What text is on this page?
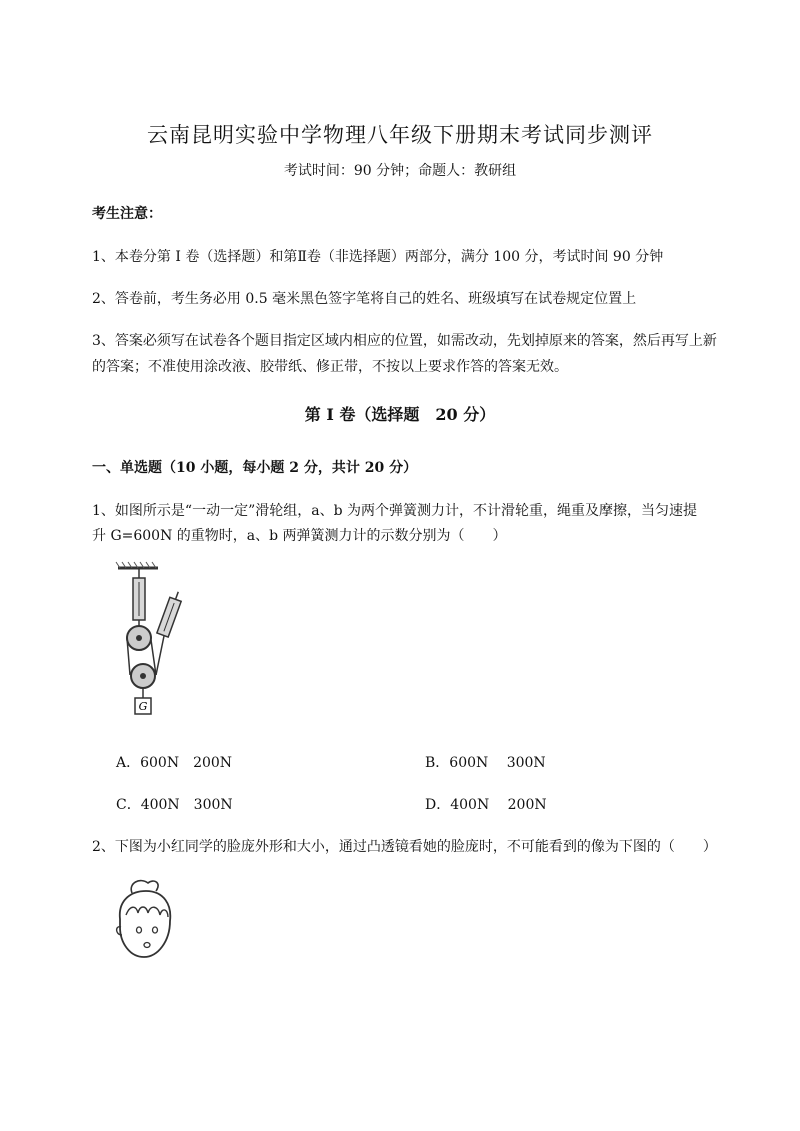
云南昆明实验中学物理八年级下册期末考试同步测评
考试时间：90 分钟；命题人：教研组
考生注意：
1、本卷分第 I 卷（选择题）和第Ⅱ卷（非选择题）两部分，满分 100 分，考试时间 90 分钟
2、答卷前，考生务必用 0.5 毫米黑色签字笔将自己的姓名、班级填写在试卷规定位置上
3、答案必须写在试卷各个题目指定区域内相应的位置，如需改动，先划掉原来的答案，然后再写上新
的答案；不准使用涂改液、胶带纸、修正带，不按以上要求作答的答案无效。
第 I 卷（选择题　20 分）
一、单选题（10 小题，每小题 2 分，共计 20 分）
1、如图所示是“一动一定”滑轮组，a、b 为两个弹簧测力计，不计滑轮重，绳重及摩擦，当匀速提
升 G=600N 的重物时，a、b 两弹簧测力计的示数分别为（　　）
G
A．600N　200N	B．600N　 300N
C．400N　300N	D．400N　 200N
2、下图为小红同学的脸庞外形和大小，通过凸透镜看她的脸庞时，不可能看到的像为下图的（　　）
